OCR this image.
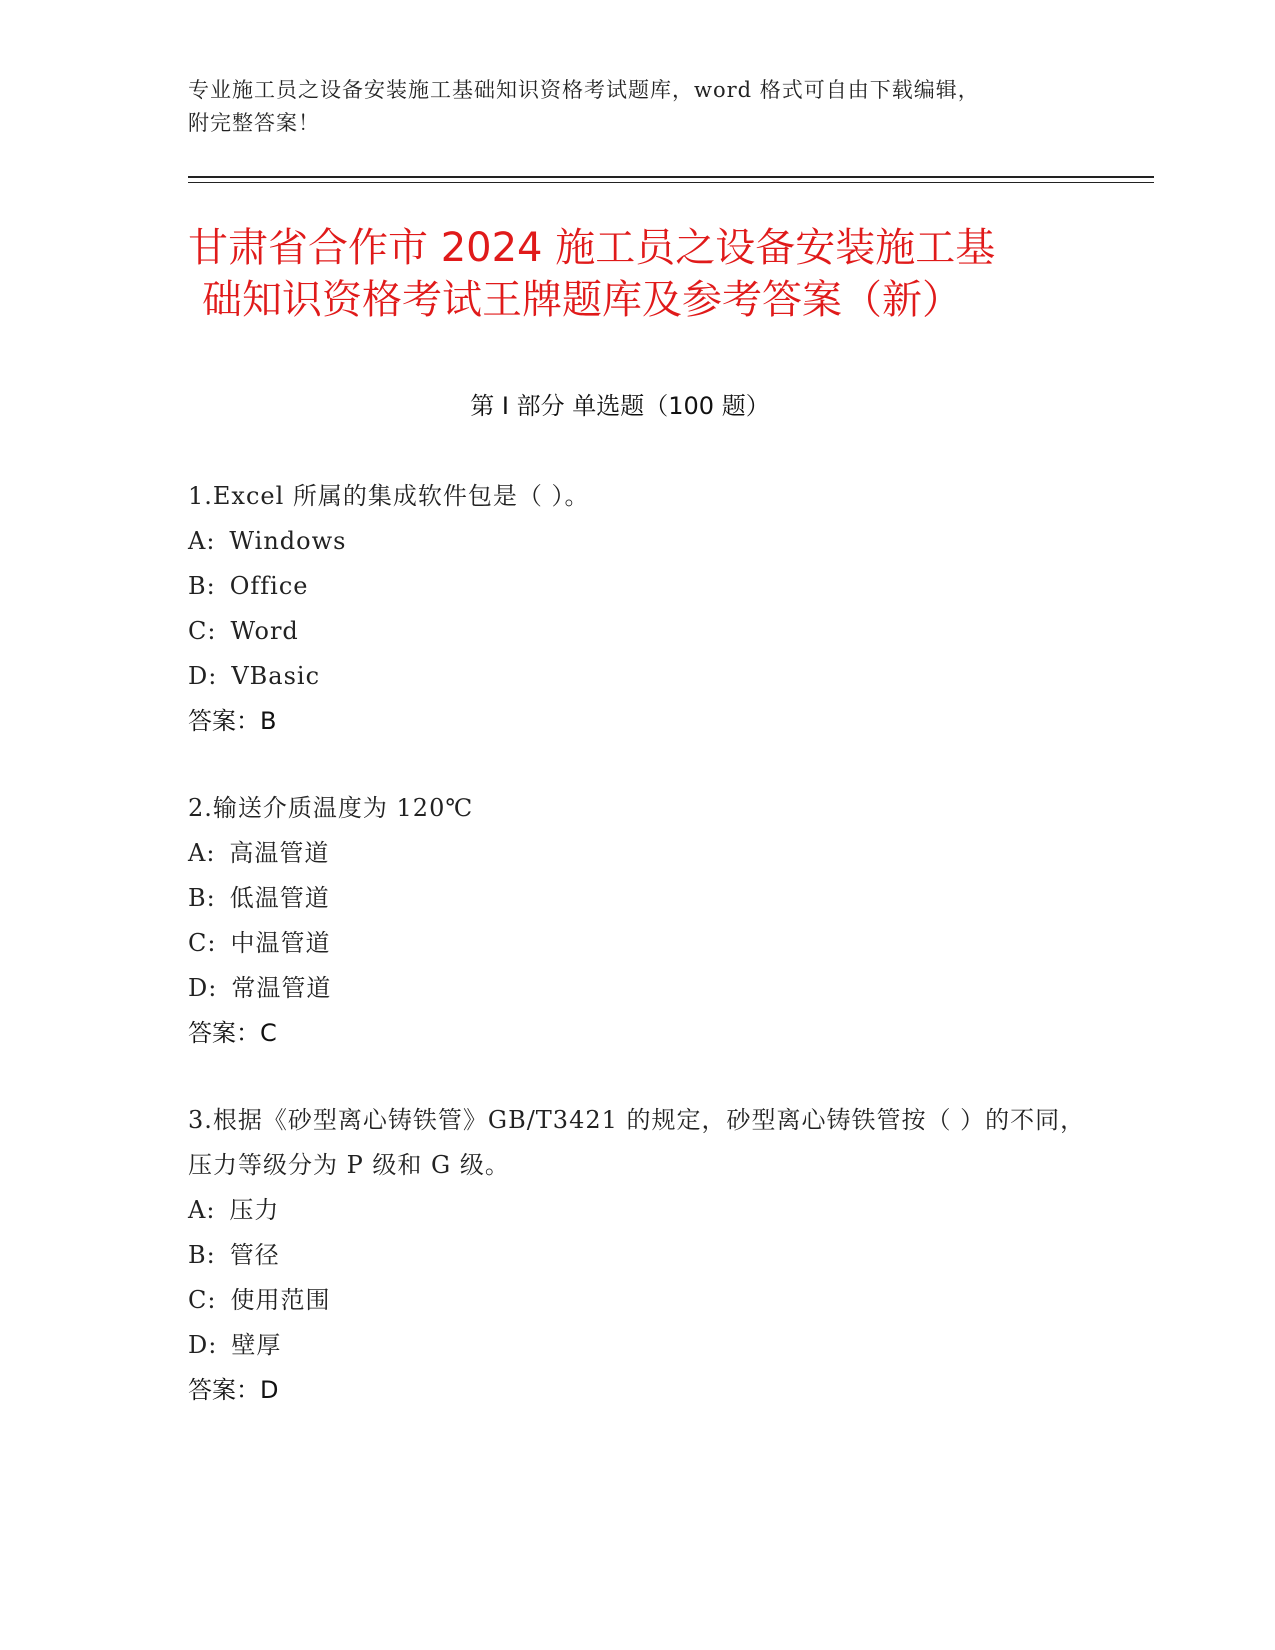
专业施工员之设备安装施工基础知识资格考试题库，word 格式可自由下载编辑，
附完整答案！
甘肃省合作市 2024 施工员之设备安装施工基
础知识资格考试王牌题库及参考答案（新）
第 I 部分 单选题（100 题）
1.Excel 所属的集成软件包是（ ）。
A: Windows
B: Office
C: Word
D: VBasic
答案：B
2.输送介质温度为 120℃
A: 高温管道
B: 低温管道
C: 中温管道
D: 常温管道
答案：C
3.根据《砂型离心铸铁管》GB/T3421 的规定，砂型离心铸铁管按（ ）的不同，压力等级分为 P 级和 G 级。
A: 压力
B: 管径
C: 使用范围
D: 壁厚
答案：D
